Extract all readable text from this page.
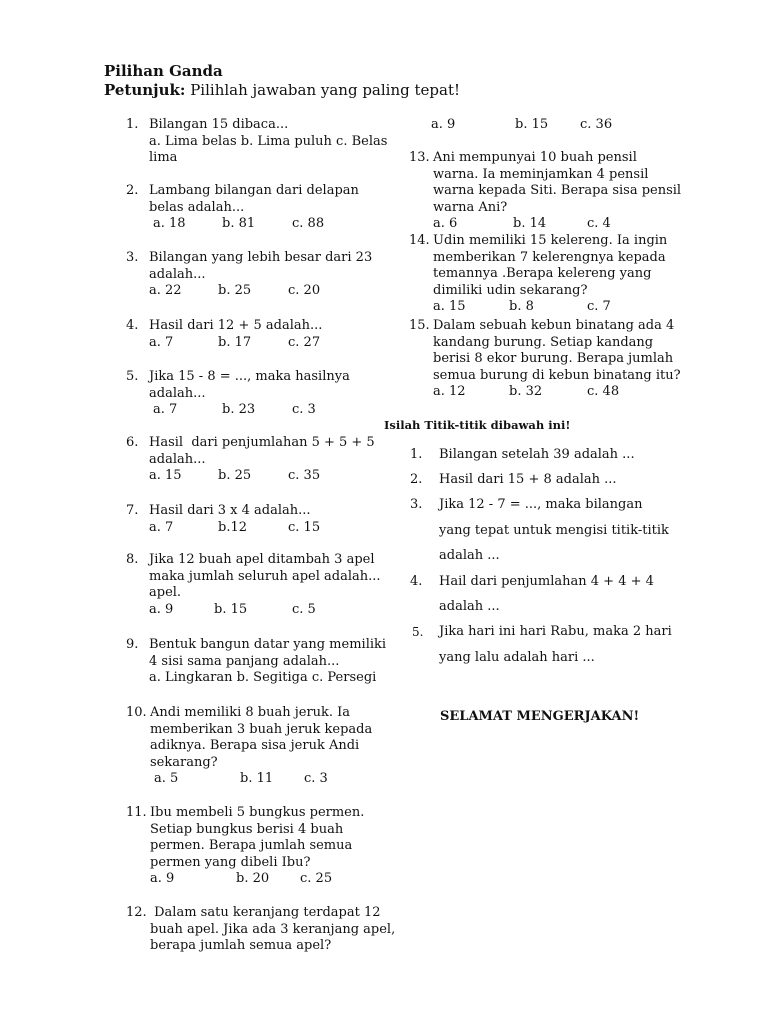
Pilihan Ganda
Petunjuk: Pilihlah jawaban yang paling tepat!
1. Bilangan 15 dibaca...
a. Lima belas b. Lima puluh c. Belas
lima
2. Lambang bilangan dari delapan
belas adalah...
a. 18	b. 81	c. 88
3. Bilangan yang lebih besar dari 23
adalah...
a. 22	b. 25	c. 20
4. Hasil dari 12 + 5 adalah...
a. 7	b. 17	c. 27
5. Jika 15 - 8 = ..., maka hasilnya
adalah...
a. 7	b. 23	c. 3
6. Hasil  dari penjumlahan 5 + 5 + 5
adalah...
a. 15	b. 25	c. 35
7. Hasil dari 3 x 4 adalah...
a. 7	b.12	c. 15
8. Jika 12 buah apel ditambah 3 apel
maka jumlah seluruh apel adalah...
apel.
a. 9	b. 15	c. 5
9. Bentuk bangun datar yang memiliki
4 sisi sama panjang adalah...
a. Lingkaran b. Segitiga c. Persegi
10. Andi memiliki 8 buah jeruk. Ia
memberikan 3 buah jeruk kepada
adiknya. Berapa sisa jeruk Andi
sekarang?
a. 5	b. 11 c. 3
11. Ibu membeli 5 bungkus permen.
Setiap bungkus berisi 4 buah
permen. Berapa jumlah semua
permen yang dibeli Ibu?
a. 9	b. 20 c. 25
12. Dalam satu keranjang terdapat 12
buah apel. Jika ada 3 keranjang apel,
berapa jumlah semua apel?
a. 9	b. 15 c. 36
13. Ani mempunyai 10 buah pensil
warna. Ia meminjamkan 4 pensil
warna kepada Siti. Berapa sisa pensil
warna Ani?
a. 6	b. 14	c. 4
14. Udin memiliki 15 kelereng. Ia ingin
memberikan 7 kelerengnya kepada
temannya .Berapa kelereng yang
dimiliki udin sekarang?
a. 15	b. 8	c. 7
15. Dalam sebuah kebun binatang ada 4
kandang burung. Setiap kandang
berisi 8 ekor burung. Berapa jumlah
semua burung di kebun binatang itu?
a. 12	b. 32	c. 48
Isilah Titik-titik dibawah ini!
1. Bilangan setelah 39 adalah ...
2. Hasil dari 15 + 8 adalah ...
3. Jika 12 - 7 = ..., maka bilangan
yang tepat untuk mengisi titik-titik
adalah ...
4. Hail dari penjumlahan 4 + 4 + 4
adalah ...
5. Jika hari ini hari Rabu, maka 2 hari
yang lalu adalah hari ...
SELAMAT MENGERJAKAN!
